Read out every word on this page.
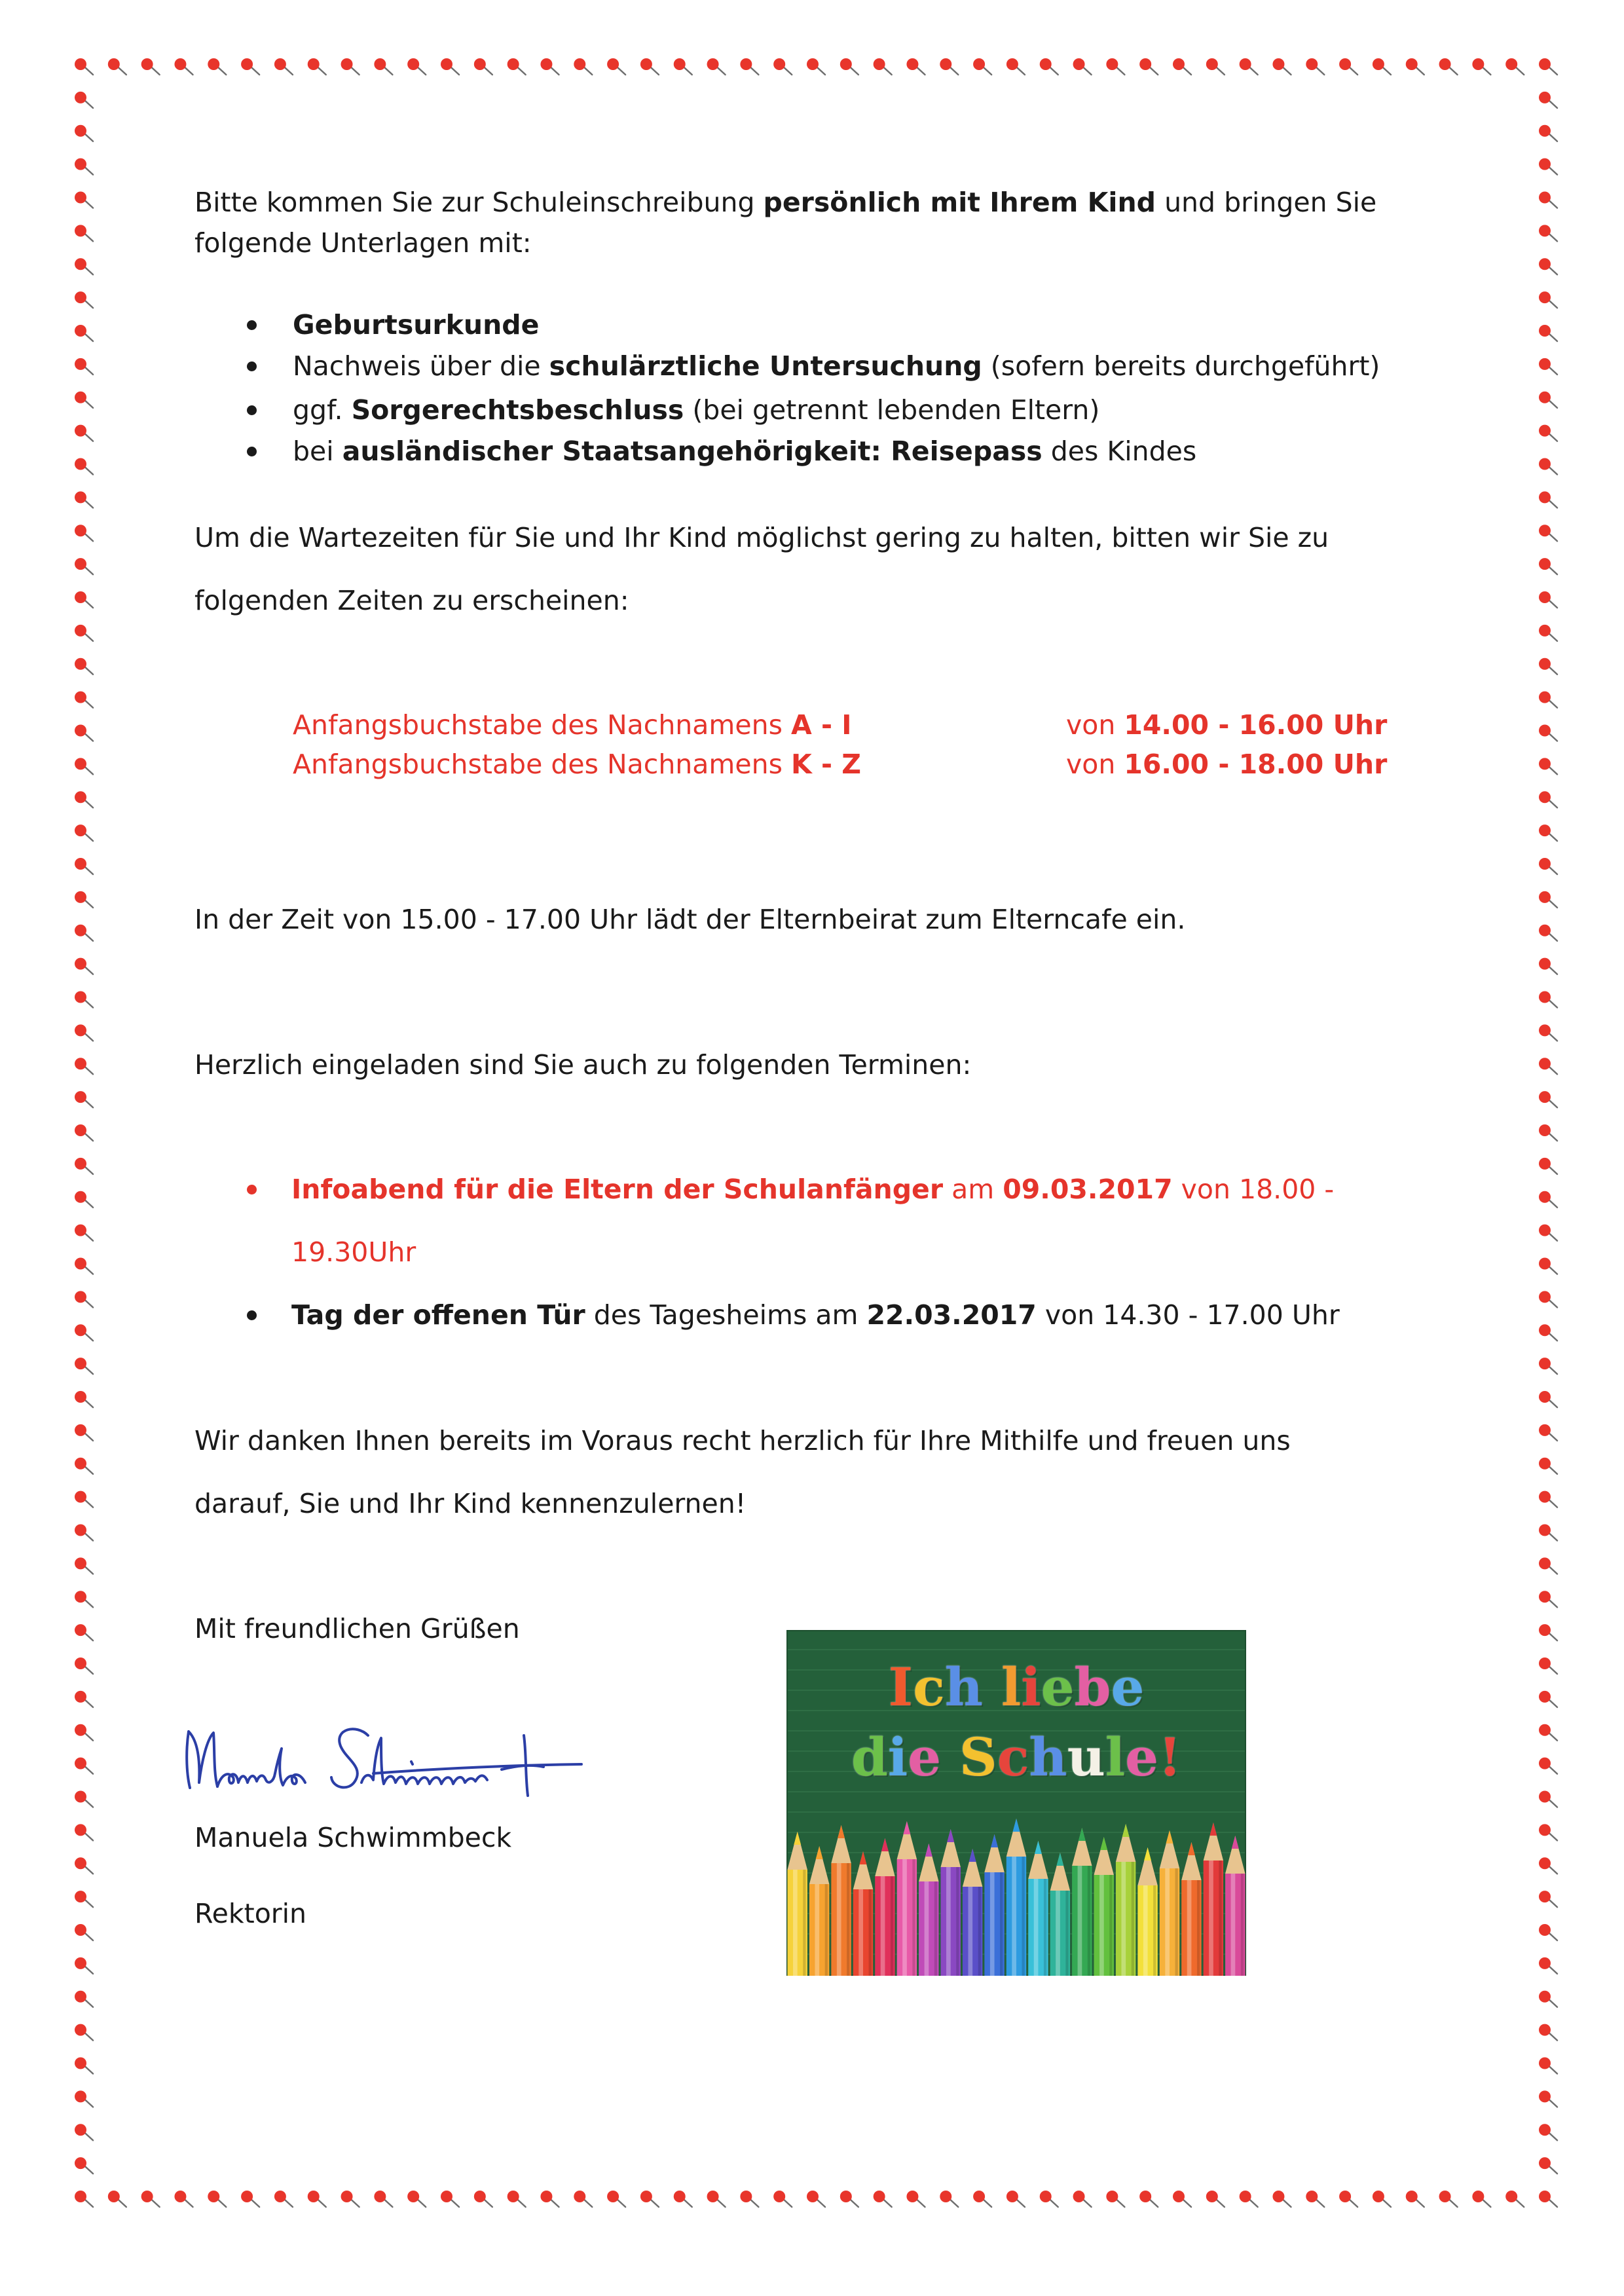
Bitte kommen Sie zur Schuleinschreibung persönlich mit Ihrem Kind und bringen Sie
folgende Unterlagen mit:
Geburtsurkunde
Nachweis über die schulärztliche Untersuchung (sofern bereits durchgeführt)
ggf. Sorgerechtsbeschluss (bei getrennt lebenden Eltern)
bei ausländischer Staatsangehörigkeit: Reisepass des Kindes
Um die Wartezeiten für Sie und Ihr Kind möglichst gering zu halten, bitten wir Sie zu
folgenden Zeiten zu erscheinen:
Anfangsbuchstabe des Nachnamens A - I	von 14.00 - 16.00 Uhr
Anfangsbuchstabe des Nachnamens K - Z	von 16.00 - 18.00 Uhr
In der Zeit von 15.00 - 17.00 Uhr lädt der Elternbeirat zum Elterncafe ein.
Herzlich eingeladen sind Sie auch zu folgenden Terminen:
Infoabend für die Eltern der Schulanfänger am 09.03.2017 von 18.00 -
19.30Uhr
Tag der offenen Tür des Tagesheims am 22.03.2017 von 14.30 - 17.00 Uhr
Wir danken Ihnen bereits im Voraus recht herzlich für Ihre Mithilfe und freuen uns
darauf, Sie und Ihr Kind kennenzulernen!
Mit freundlichen Grüßen
Manuela Schwimmbeck
Rektorin
Ich liebe
die Schule!
